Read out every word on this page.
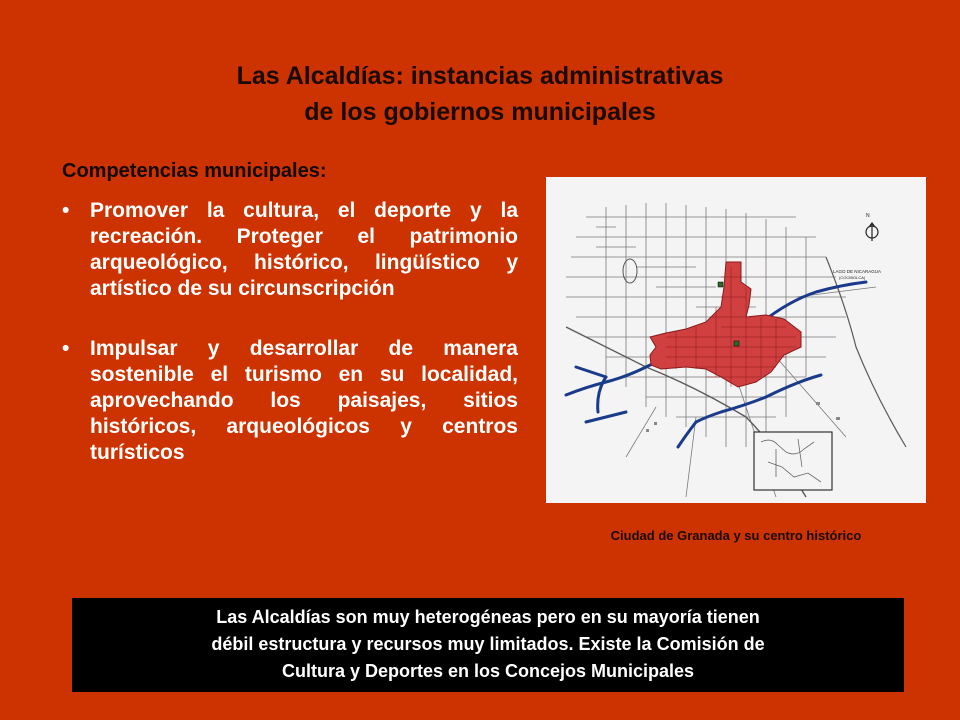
Las Alcaldías: instancias administrativas
de los gobiernos municipales
Competencias municipales:
• Promover la cultura, el deporte y la recreación. Proteger el patrimonio arqueológico, histórico, lingüístico y artístico de su circunscripción
• Impulsar y desarrollar de manera sostenible el turismo en su localidad, aprovechando los paisajes, sitios históricos, arqueológicos y centros turísticos
N
LAGO DE NICARAGUA
(COCIBOLCA)
Ciudad de Granada y su centro histórico
Las Alcaldías son muy heterogéneas pero en su mayoría tienen
débil estructura y recursos muy limitados. Existe la Comisión de
Cultura y Deportes en los Concejos Municipales
